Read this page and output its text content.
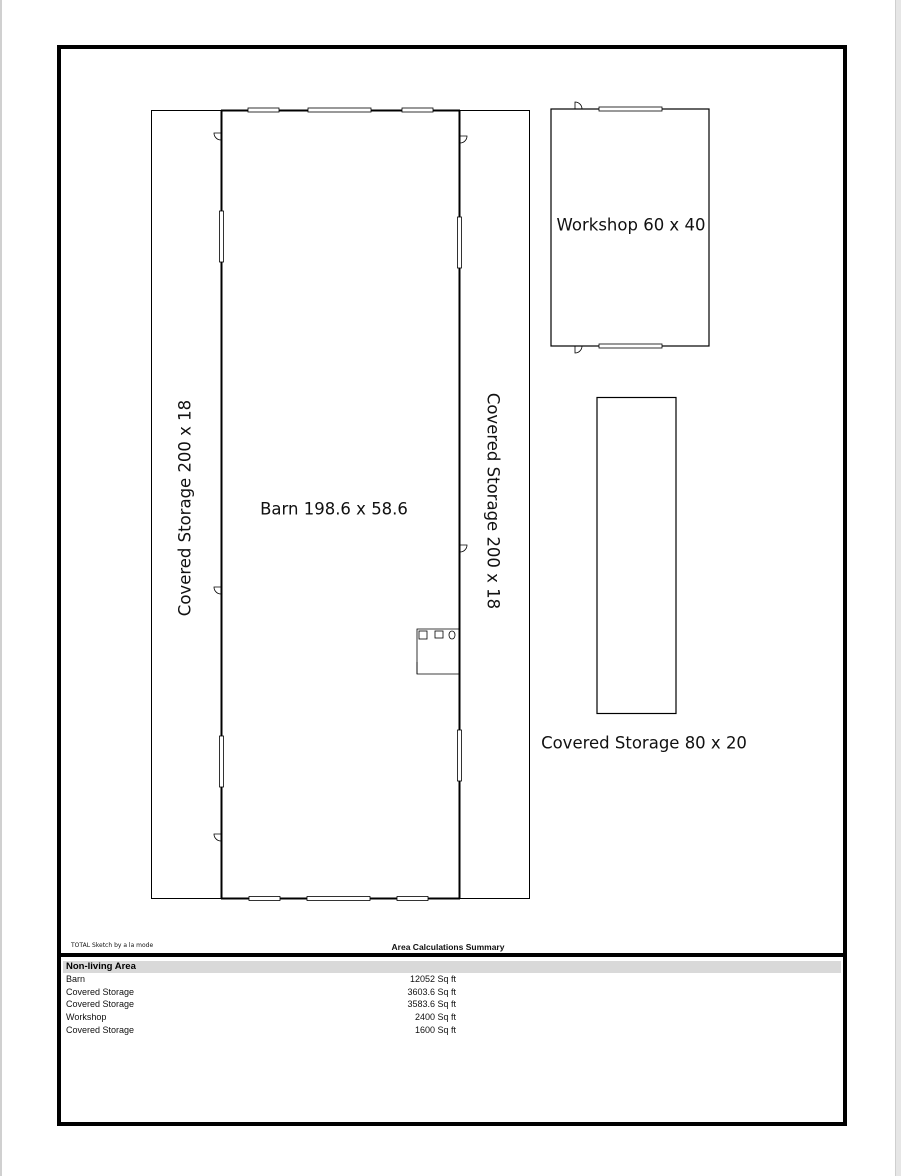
Barn 198.6 x 58.6
Covered Storage 200 x 18	Covered Storage 200 x 18
Workshop 60 x 40
Covered Storage 80 x 20
TOTAL Sketch by a la mode	Area Calculations Summary
Non-living Area
Barn	12052 Sq ft
Covered Storage	3603.6 Sq ft
Covered Storage	3583.6 Sq ft
Workshop	2400 Sq ft
Covered Storage	1600 Sq ft
